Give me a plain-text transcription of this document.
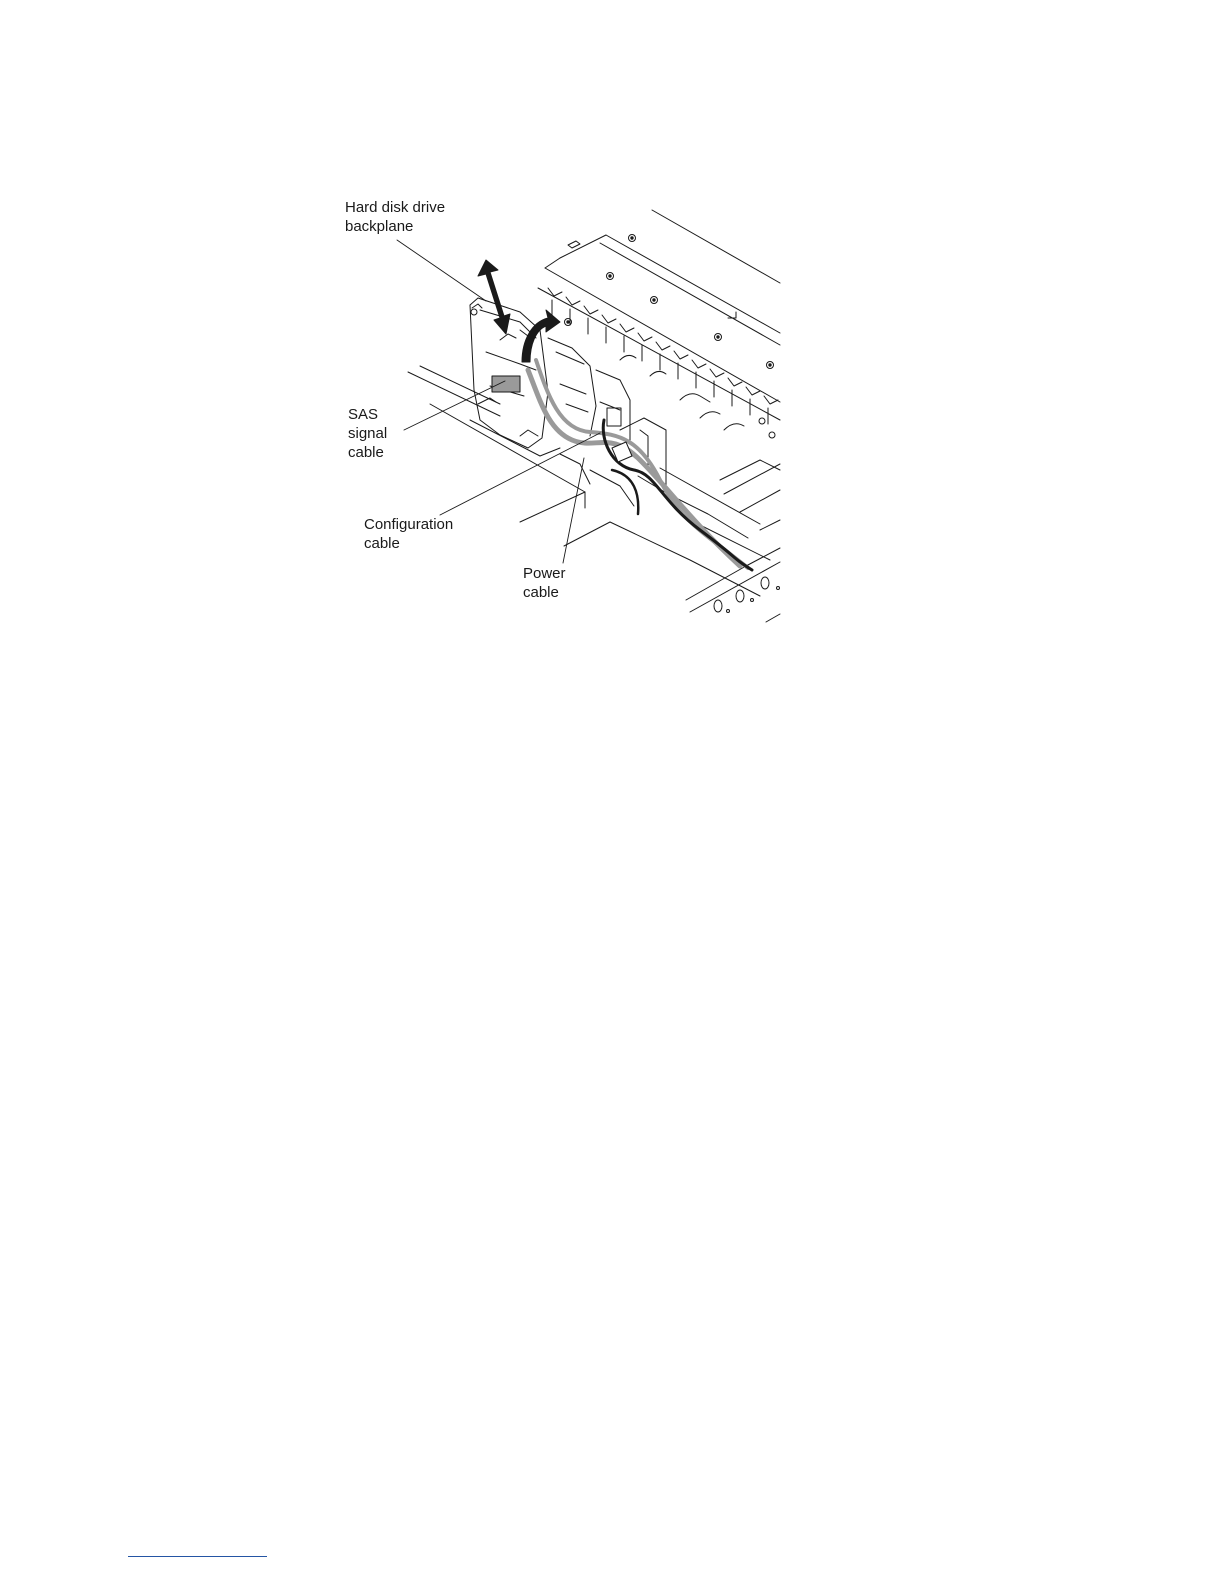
Hard disk drive
backplane
SAS
signal
cable
Configuration
cable
Power
cable
